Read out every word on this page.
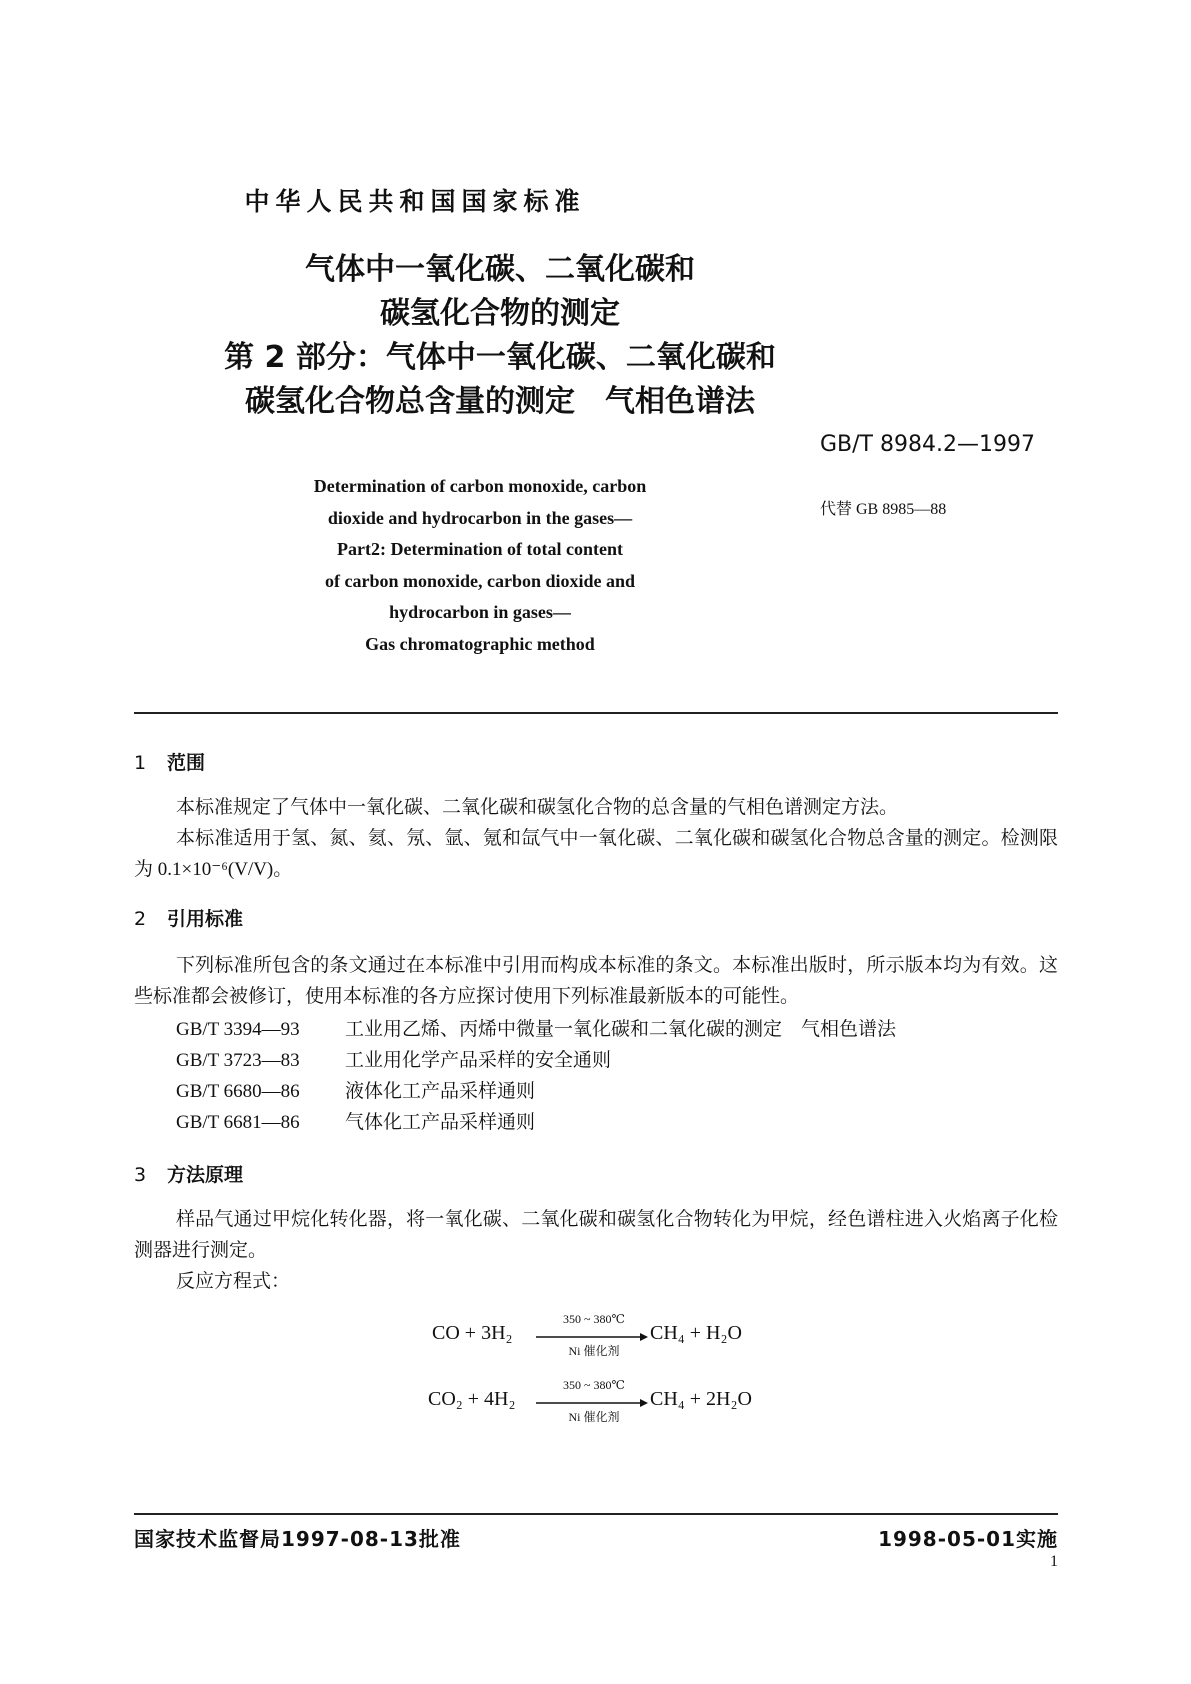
中华人民共和国国家标准
气体中一氧化碳、二氧化碳和
碳氢化合物的测定
第 2 部分：气体中一氧化碳、二氧化碳和
碳氢化合物总含量的测定　气相色谱法
GB/T 8984.2—1997
代替 GB 8985—88
Determination of carbon monoxide, carbon
dioxide and hydrocarbon in the gases—
Part2: Determination of total content
of carbon monoxide, carbon dioxide and
hydrocarbon in gases—
Gas chromatographic method
1 范围
本标准规定了气体中一氧化碳、二氧化碳和碳氢化合物的总含量的气相色谱测定方法。
本标准适用于氢、氮、氦、氖、氩、氪和氙气中一氧化碳、二氧化碳和碳氢化合物总含量的测定。检测限为 0.1×10⁻⁶(V/V)。
2 引用标准
下列标准所包含的条文通过在本标准中引用而构成本标准的条文。本标准出版时，所示版本均为有效。这些标准都会被修订，使用本标准的各方应探讨使用下列标准最新版本的可能性。
GB/T 3394—93 工业用乙烯、丙烯中微量一氧化碳和二氧化碳的测定　气相色谱法
GB/T 3723—83 工业用化学产品采样的安全通则
GB/T 6680—86 液体化工产品采样通则
GB/T 6681—86 气体化工产品采样通则
3 方法原理
样品气通过甲烷化转化器，将一氧化碳、二氧化碳和碳氢化合物转化为甲烷，经色谱柱进入火焰离子化检测器进行测定。
反应方程式：
CO + 3H₂
350 ~ 380℃
Ni 催化剂
CH₄ + H₂O
CO₂ + 4H₂
350 ~ 380℃
Ni 催化剂
CH₄ + 2H₂O
国家技术监督局1997-08-13批准	1998-05-01实施
1
